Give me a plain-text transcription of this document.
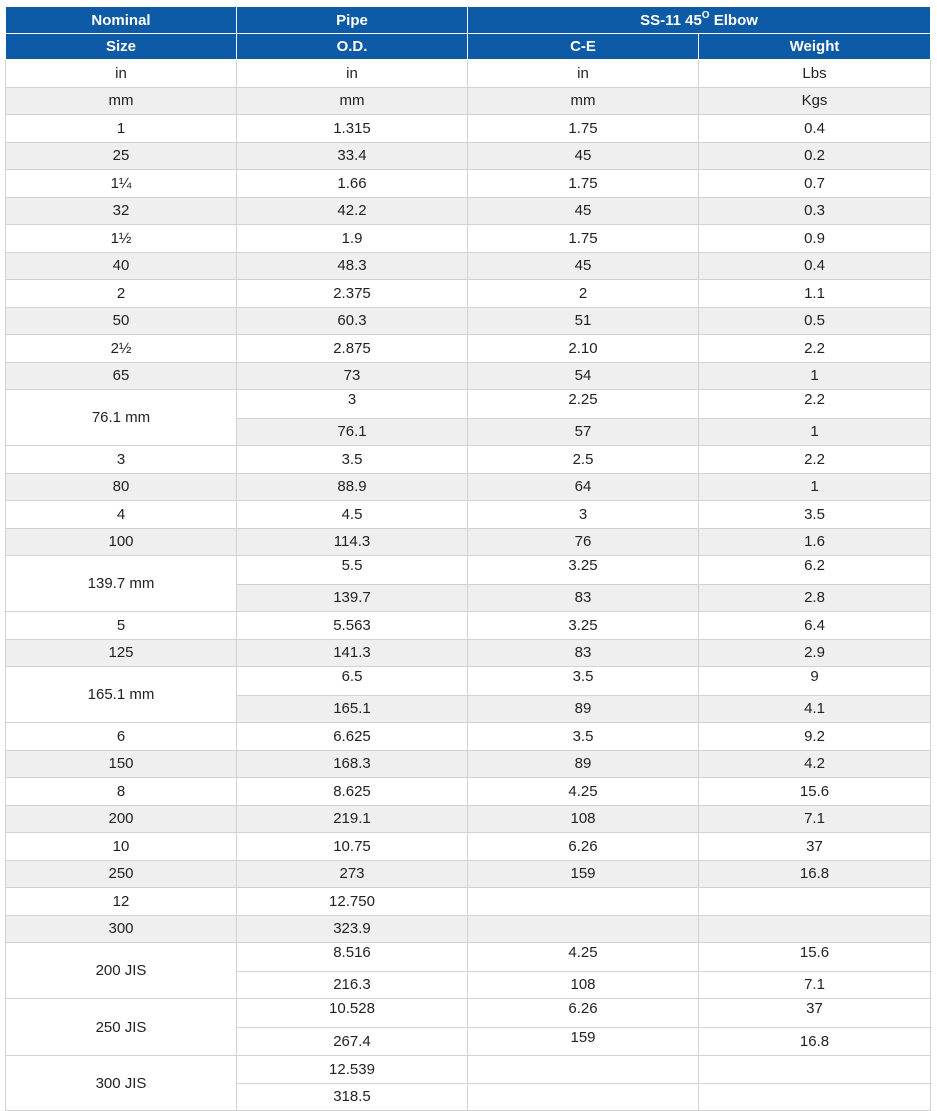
Nominal	Pipe	SS-11 $45^O$ Elbow	
Size	O.D.	C-E	Weight
in	in	in	Lbs
mm	mm	mm	Kgs
1	1.315	1.75	0.4
25	33.4	45	0.2
1¼	1.66	1.75	0.7
32	42.2	45	0.3
1½	1.9	1.75	0.9
40	48.3	45	0.4
2	2.375	2	1.1
50	60.3	51	0.5
2½	2.875	2.10	2.2
65	73	54	1
76.1 mm	3	2.25	2.2
	76.1	57	1
3	3.5	2.5	2.2
80	88.9	64	1
4	4.5	3	3.5
100	114.3	76	1.6
139.7 mm	5.5	3.25	6.2
	139.7	83	2.8
5	5.563	3.25	6.4
125	141.3	83	2.9
165.1 mm	6.5	3.5	9
	165.1	89	4.1
6	6.625	3.5	9.2
150	168.3	89	4.2
8	8.625	4.25	15.6
200	219.1	108	7.1
10	10.75	6.26	37
250	273	159	16.8
12	12.750		
300	323.9		
200 JIS	8.516	4.25	15.6
	216.3	108	7.1
250 JIS	10.528	6.26	37
	267.4	159	16.8
300 JIS	12.539		
	318.5		
